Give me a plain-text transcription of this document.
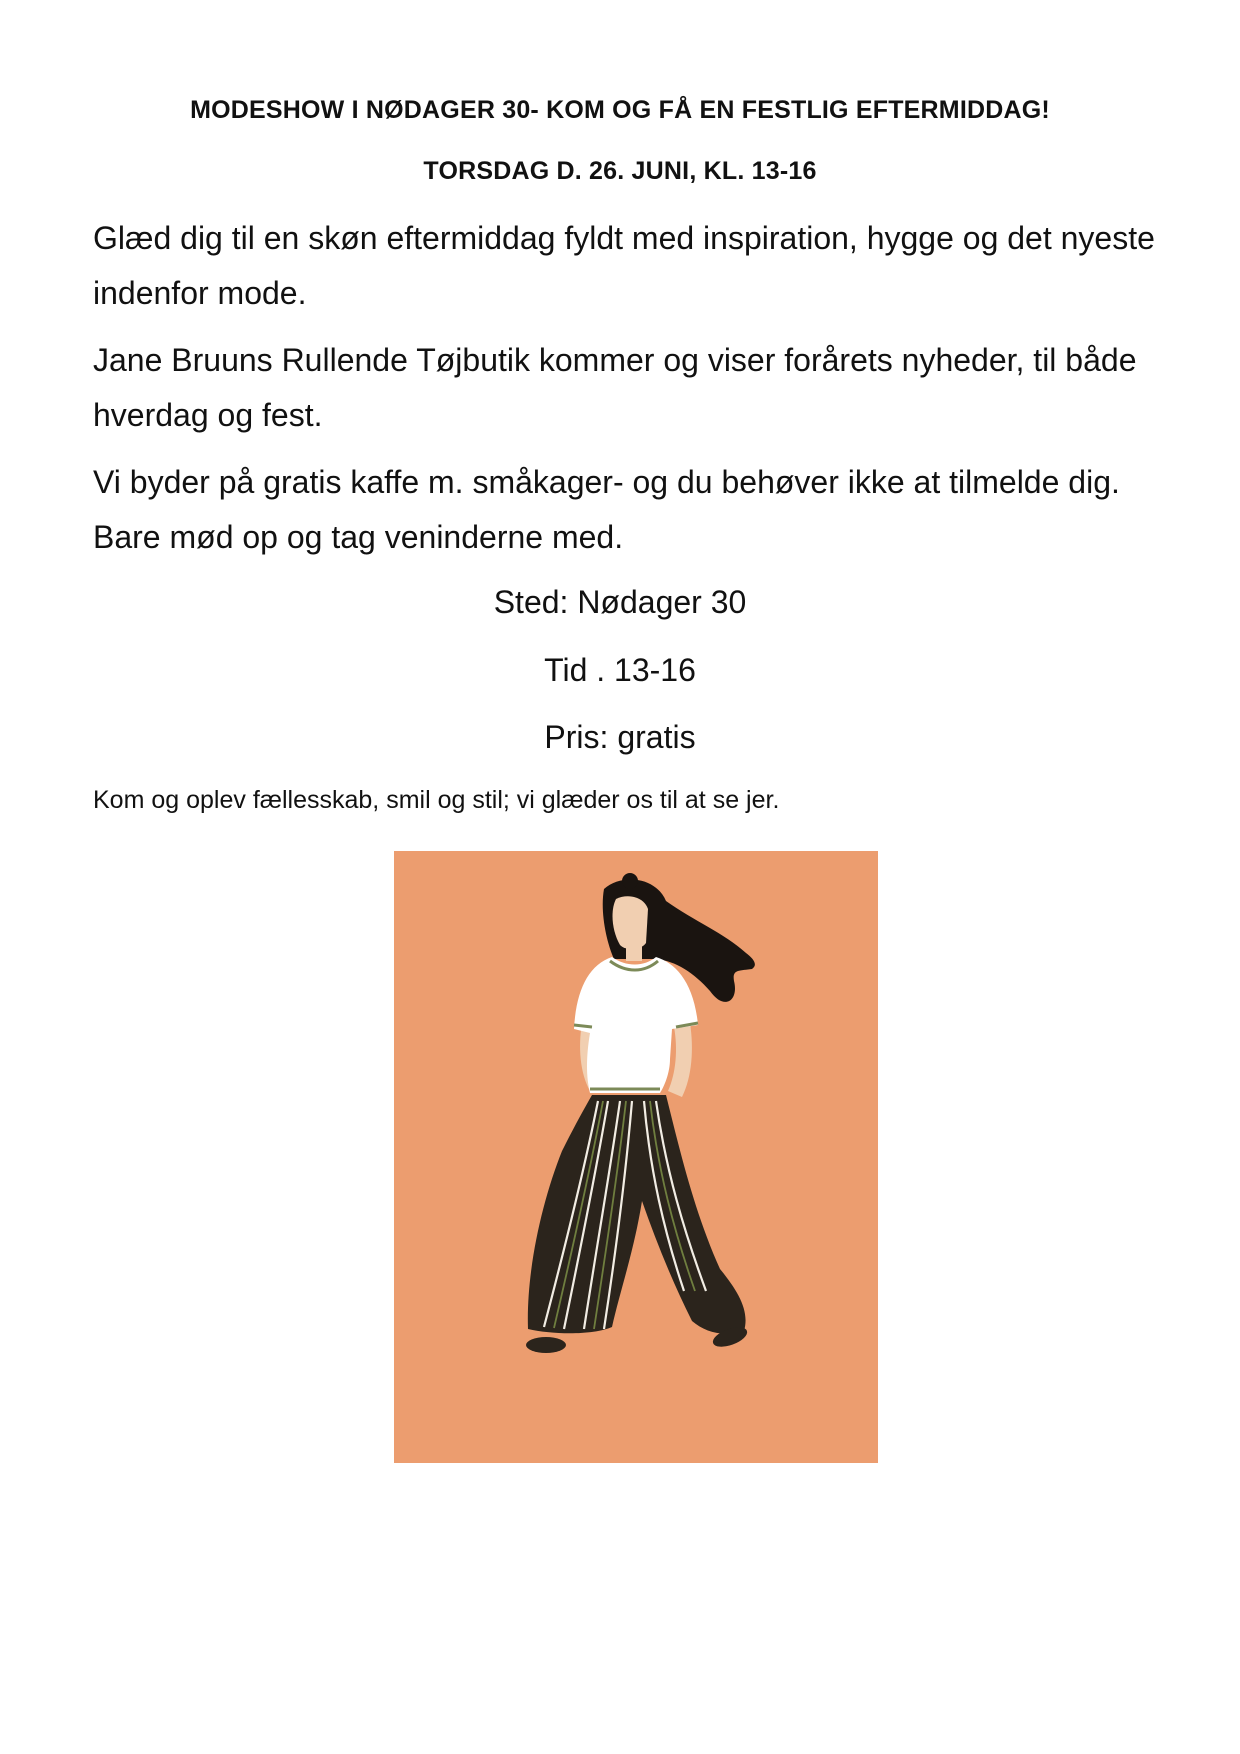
MODESHOW I NØDAGER 30- KOM OG FÅ EN FESTLIG EFTERMIDDAG!
TORSDAG D. 26. JUNI, KL. 13-16

Glæd dig til en skøn eftermiddag fyldt med inspiration, hygge og det nyeste indenfor mode.

Jane Bruuns Rullende Tøjbutik kommer og viser forårets nyheder, til både hverdag og fest.

Vi byder på gratis kaffe m. småkager- og du behøver ikke at tilmelde dig. Bare mød op og tag veninderne med.

Sted: Nødager 30
Tid . 13-16
Pris: gratis
Kom og oplev fællesskab, smil og stil; vi glæder os til at se jer.
